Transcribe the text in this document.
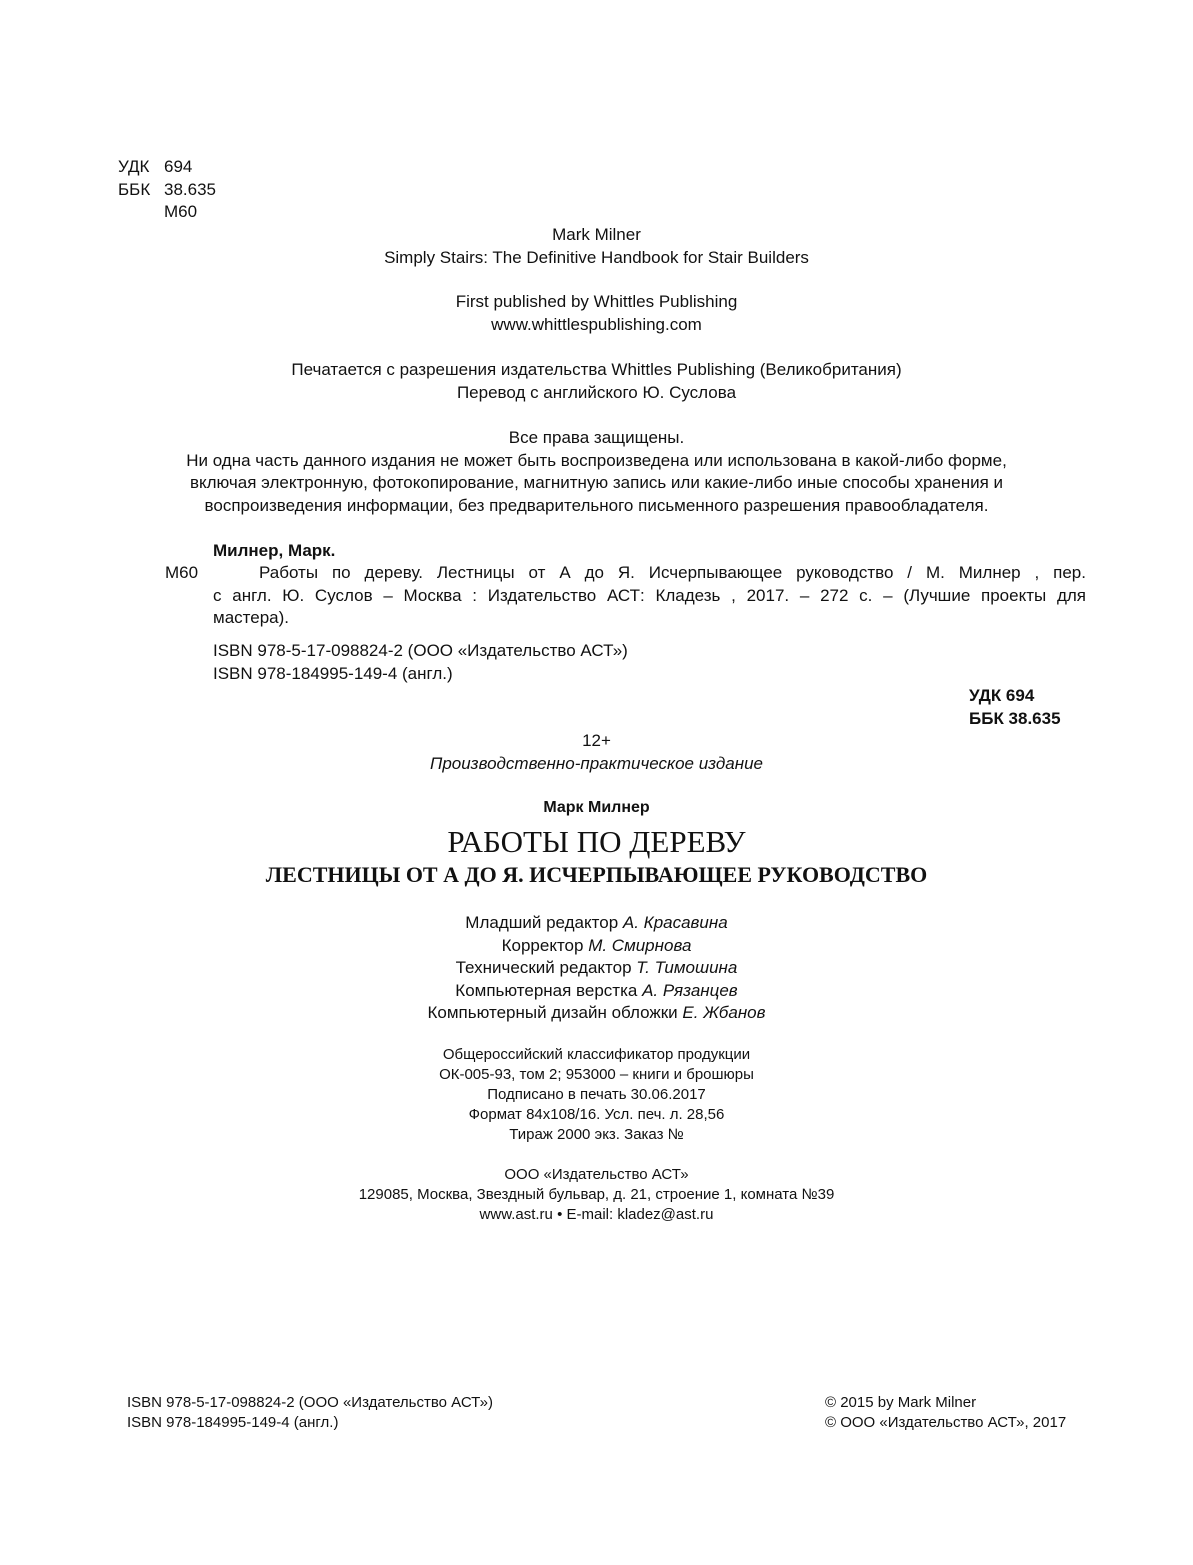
УДК 694
ББК 38.635
М60
Mark Milner
Simply Stairs: The Definitive Handbook for Stair Builders
First published by Whittles Publishing
www.whittlespublishing.com
Печатается с разрешения издательства Whittles Publishing (Великобритания)
Перевод с английского Ю. Суслова
Все права защищены.
Ни одна часть данного издания не может быть воспроизведена или использована в какой-либо форме,
включая электронную, фотокопирование, магнитную запись или какие-либо иные способы хранения и
воспроизведения информации, без предварительного письменного разрешения правообладателя.
Милнер, Марк.
М60	Работы по дереву. Лестницы от А до Я. Исчерпывающее руководство / М. Милнер , пер.
с англ. Ю. Суслов – Москва : Издательство АСТ: Кладезь , 2017. – 272 с. – (Лучшие проекты для
мастера).
ISBN 978-5-17-098824-2 (ООО «Издательство АСТ»)
ISBN 978-184995-149-4 (англ.)
УДК 694
ББК 38.635
12+
Производственно-практическое издание
Марк Милнер
РАБОТЫ ПО ДЕРЕВУ
ЛЕСТНИЦЫ ОТ А ДО Я. ИСЧЕРПЫВАЮЩЕЕ РУКОВОДСТВО
Младший редактор А. Красавина
Корректор М. Смирнова
Технический редактор Т. Тимошина
Компьютерная верстка А. Рязанцев
Компьютерный дизайн обложки Е. Жбанов
Общероссийский классификатор продукции
ОК-005-93, том 2; 953000 – книги и брошюры
Подписано в печать 30.06.2017
Формат 84х108/16. Усл. печ. л. 28,56
Тираж 2000 экз. Заказ №
ООО «Издательство АСТ»
129085, Москва, Звездный бульвар, д. 21, строение 1, комната №39
www.ast.ru • E-mail: kladez@ast.ru
ISBN 978-5-17-098824-2 (ООО «Издательство АСТ»)
ISBN 978-184995-149-4 (англ.)
© 2015 by Mark Milner
© ООО «Издательство АСТ», 2017
